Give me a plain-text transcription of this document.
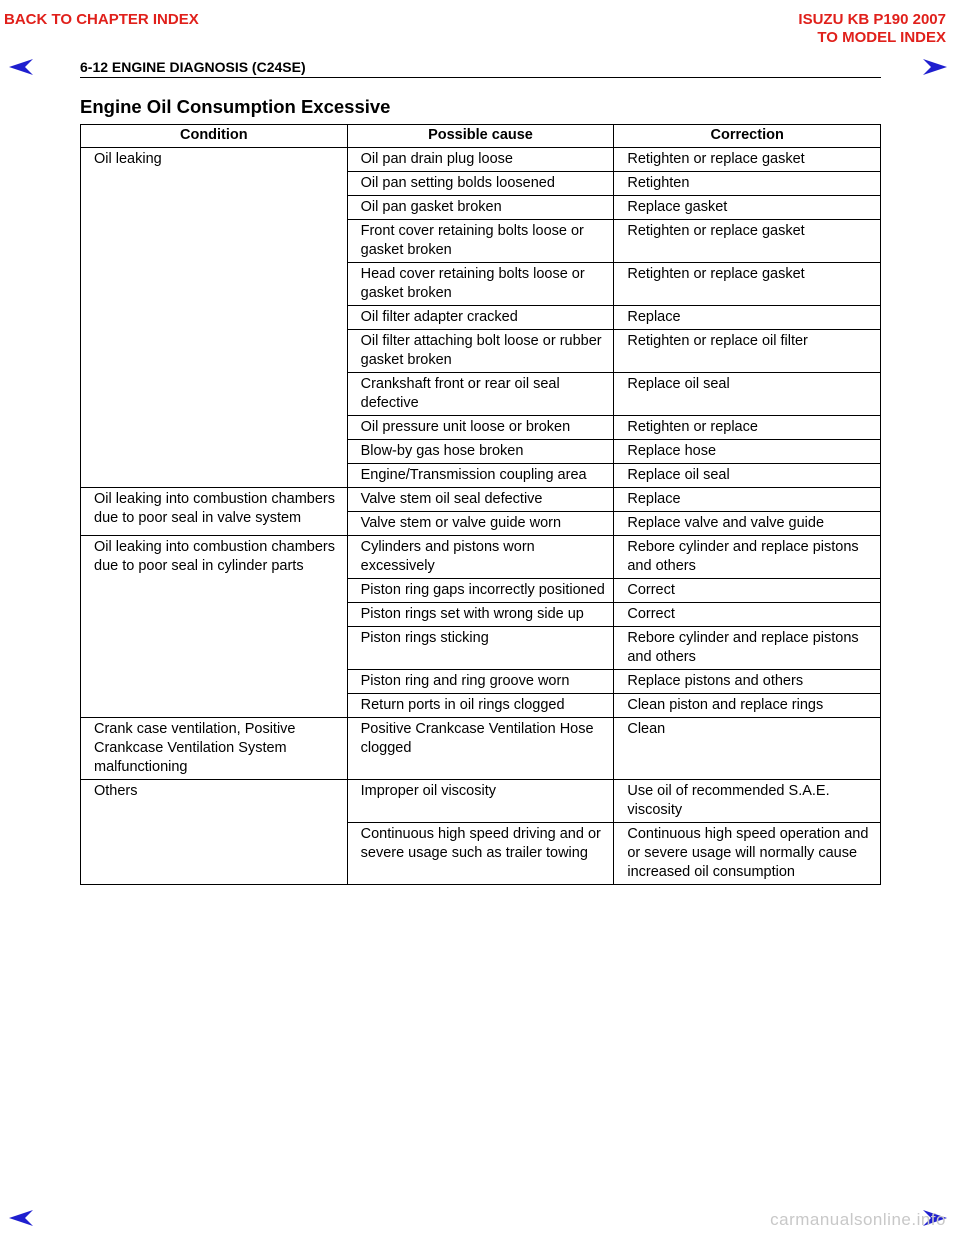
BACK TO CHAPTER INDEX	ISUZU KB P190 2007
TO MODEL INDEX
6-12 ENGINE DIAGNOSIS (C24SE)
Engine Oil Consumption Excessive
Condition	Possible cause	Correction
Oil leaking	Oil pan drain plug loose	Retighten or replace gasket
	Oil pan setting bolds loosened	Retighten
	Oil pan gasket broken	Replace gasket
	Front cover retaining bolts loose or gasket broken	Retighten or replace gasket
	Head cover retaining bolts loose or gasket broken	Retighten or replace gasket
	Oil filter adapter cracked	Replace
	Oil filter attaching bolt loose or rubber gasket broken	Retighten or replace oil filter
	Crankshaft front or rear oil seal defective	Replace oil seal
	Oil pressure unit loose or broken	Retighten or replace
	Blow-by gas hose broken	Replace hose
	Engine/Transmission coupling area	Replace oil seal
Oil leaking into combustion chambers due to poor seal in valve system	Valve stem oil seal defective	Replace
	Valve stem or valve guide worn	Replace valve and valve guide
Oil leaking into combustion chambers due to poor seal in cylinder parts	Cylinders and pistons worn excessively	Rebore cylinder and replace pistons and others
	Piston ring gaps incorrectly positioned	Correct
	Piston rings set with wrong side up	Correct
	Piston rings sticking	Rebore cylinder and replace pistons and others
	Piston ring and ring groove worn	Replace pistons and others
	Return ports in oil rings clogged	Clean piston and replace rings
Crank case ventilation, Positive Crankcase Ventilation System malfunctioning	Positive Crankcase Ventilation Hose clogged	Clean
Others	Improper oil viscosity	Use oil of recommended S.A.E. viscosity
	Continuous high speed driving and or severe usage such as trailer towing	Continuous high speed operation and or severe usage will normally cause increased oil consumption
carmanualsonline.info
